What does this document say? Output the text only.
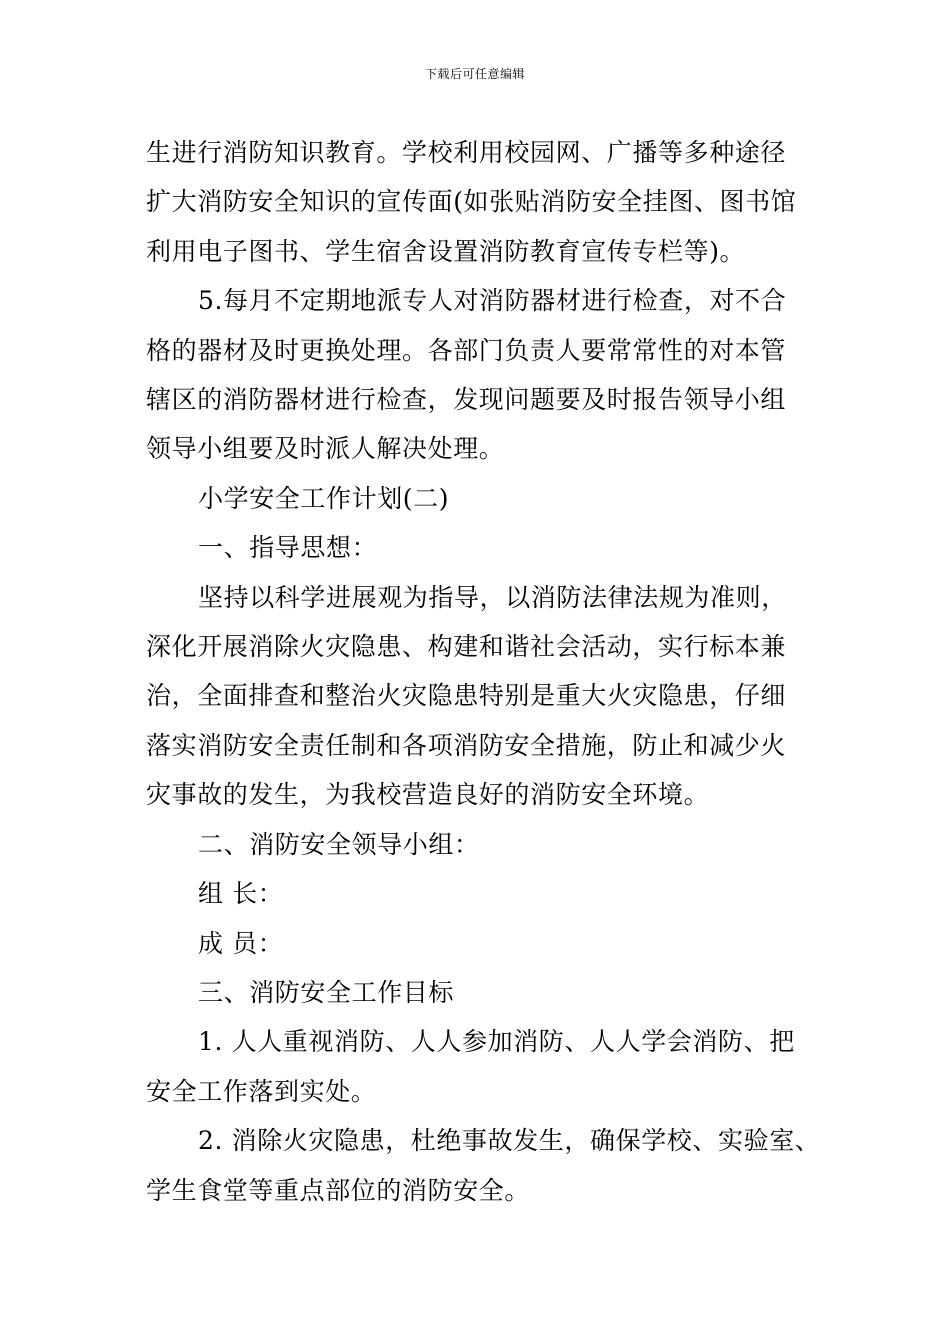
下载后可任意编辑
生进行消防知识教育。学校利用校园网、广播等多种途径
扩大消防安全知识的宣传面(如张贴消防安全挂图、图书馆
利用电子图书、学生宿舍设置消防教育宣传专栏等)。
5.每月不定期地派专人对消防器材进行检查，对不合
格的器材及时更换处理。各部门负责人要常常性的对本管
辖区的消防器材进行检查，发现问题要及时报告领导小组
领导小组要及时派人解决处理。
小学安全工作计划(二)
一、指导思想：
坚持以科学进展观为指导，以消防法律法规为准则，
深化开展消除火灾隐患、构建和谐社会活动，实行标本兼
治，全面排查和整治火灾隐患特别是重大火灾隐患，仔细
落实消防安全责任制和各项消防安全措施，防止和减少火
灾事故的发生，为我校营造良好的消防安全环境。
二、消防安全领导小组：
组 长：
成 员：
三、消防安全工作目标
1. 人人重视消防、人人参加消防、人人学会消防、把
安全工作落到实处。
2. 消除火灾隐患，杜绝事故发生，确保学校、实验室、
学生食堂等重点部位的消防安全。
